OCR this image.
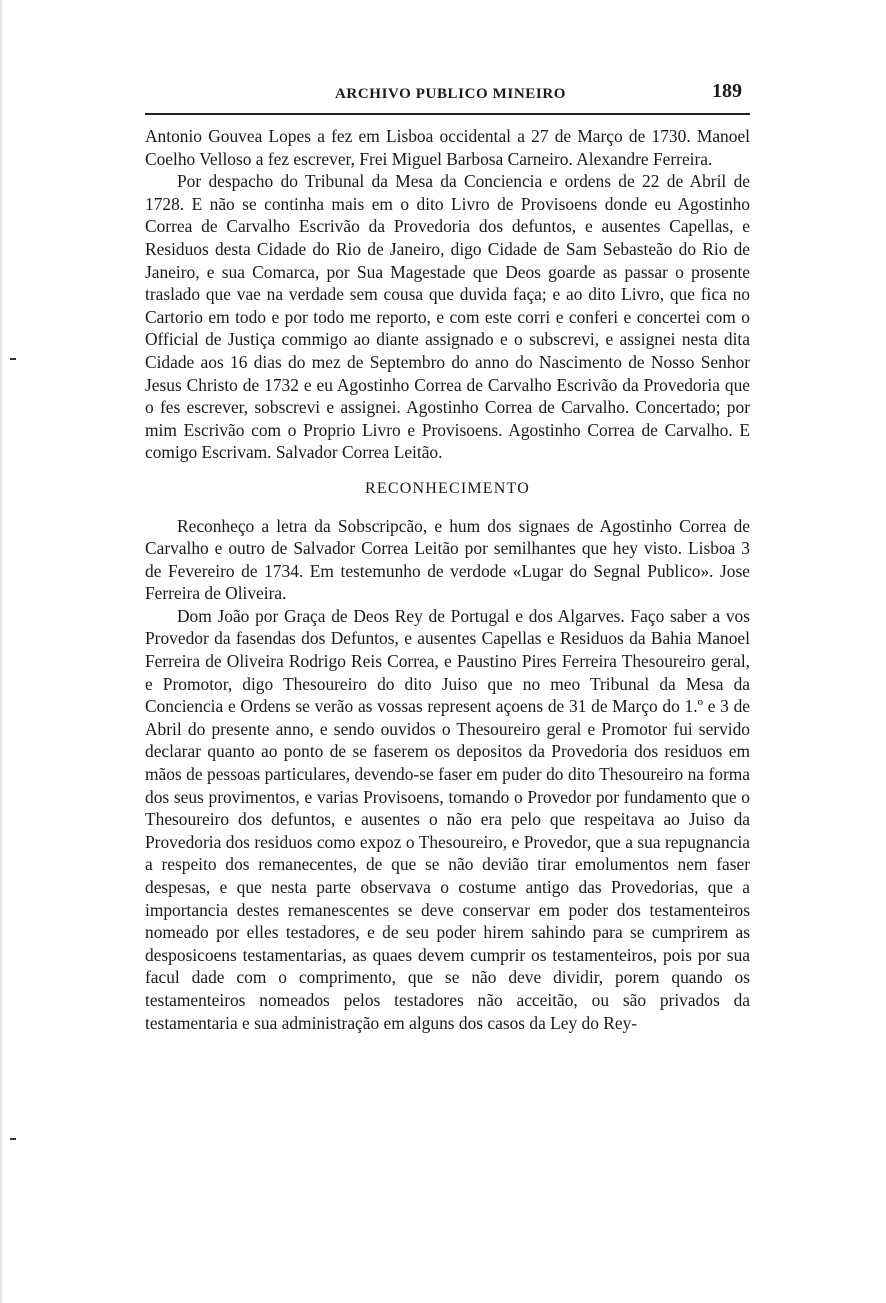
ARCHIVO PUBLICO MINEIRO	189

Antonio Gouvea Lopes a fez em Lisboa occidental a 27 de Março de 1730. Manoel Coelho Velloso a fez escrever, Frei Miguel Barbosa Carneiro. Alexandre Ferreira.

Por despacho do Tribunal da Mesa da Conciencia e ordens de 22 de Abril de 1728. E não se continha mais em o dito Livro de Provisoens donde eu Agostinho Correa de Carvalho Escrivão da Provedoria dos defuntos, e ausentes Capellas, e Residuos desta Cidade do Rio de Janeiro, digo Cidade de Sam Sebasteão do Rio de Janeiro, e sua Comarca, por Sua Magestade que Deos goarde as passar o prosente traslado que vae na verdade sem cousa que duvida faça; e ao dito Livro, que fica no Cartorio em todo e por todo me reporto, e com este corri e conferi e concertei com o Official de Justiça commigo ao diante assignado e o subscrevi, e assignei nesta dita Cidade aos 16 dias do mez de Septembro do anno do Nascimento de Nosso Senhor Jesus Christo de 1732 e eu Agostinho Correa de Carvalho Escrivão da Provedoria que o fes escrever, sobscrevi e assignei. Agostinho Correa de Carvalho. Concertado; por mim Escrivão com o Proprio Livro e Provisoens. Agostinho Correa de Carvalho. E comigo Escrivam. Salvador Correa Leitão.

RECONHECIMENTO

Reconheço a letra da Sobscripcão, e hum dos signaes de Agostinho Correa de Carvalho e outro de Salvador Correa Leitão por semilhantes que hey visto. Lisboa 3 de Fevereiro de 1734. Em testemunho de verdode «Lugar do Segnal Publico». Jose Ferreira de Oliveira.

Dom João por Graça de Deos Rey de Portugal e dos Algarves. Faço saber a vos Provedor da fasendas dos Defuntos, e ausentes Capellas e Residuos da Bahia Manoel Ferreira de Oliveira Rodrigo Reis Correa, e Paustino Pires Ferreira Thesoureiro geral, e Promotor, digo Thesoureiro do dito Juiso que no meo Tribunal da Mesa da Conciencia e Ordens se verão as vossas represent açoens de 31 de Março do 1.º e 3 de Abril do presente anno, e sendo ouvidos o Thesoureiro geral e Promotor fui servido declarar quanto ao ponto de se faserem os depositos da Provedoria dos residuos em mãos de pessoas particulares, devendo-se faser em puder do dito Thesoureiro na forma dos seus provimentos, e varias Provisoens, tomando o Provedor por fundamento que o Thesoureiro dos defuntos, e ausentes o não era pelo que respeitava ao Juiso da Provedoria dos residuos como expoz o Thesoureiro, e Provedor, que a sua repugnancia a respeito dos remanecentes, de que se não devião tirar emolumentos nem faser despesas, e que nesta parte observava o costume antigo das Provedorias, que a importancia destes remanescentes se deve conservar em poder dos testamenteiros nomeado por elles testadores, e de seu poder hirem sahindo para se cumprirem as desposicoens testamentarias, as quaes devem cumprir os testamenteiros, pois por sua facul dade com o comprimento, que se não deve dividir, porem quando os testamenteiros nomeados pelos testadores não acceitão, ou são privados da testamentaria e sua administração em alguns dos casos da Ley do Rey-
